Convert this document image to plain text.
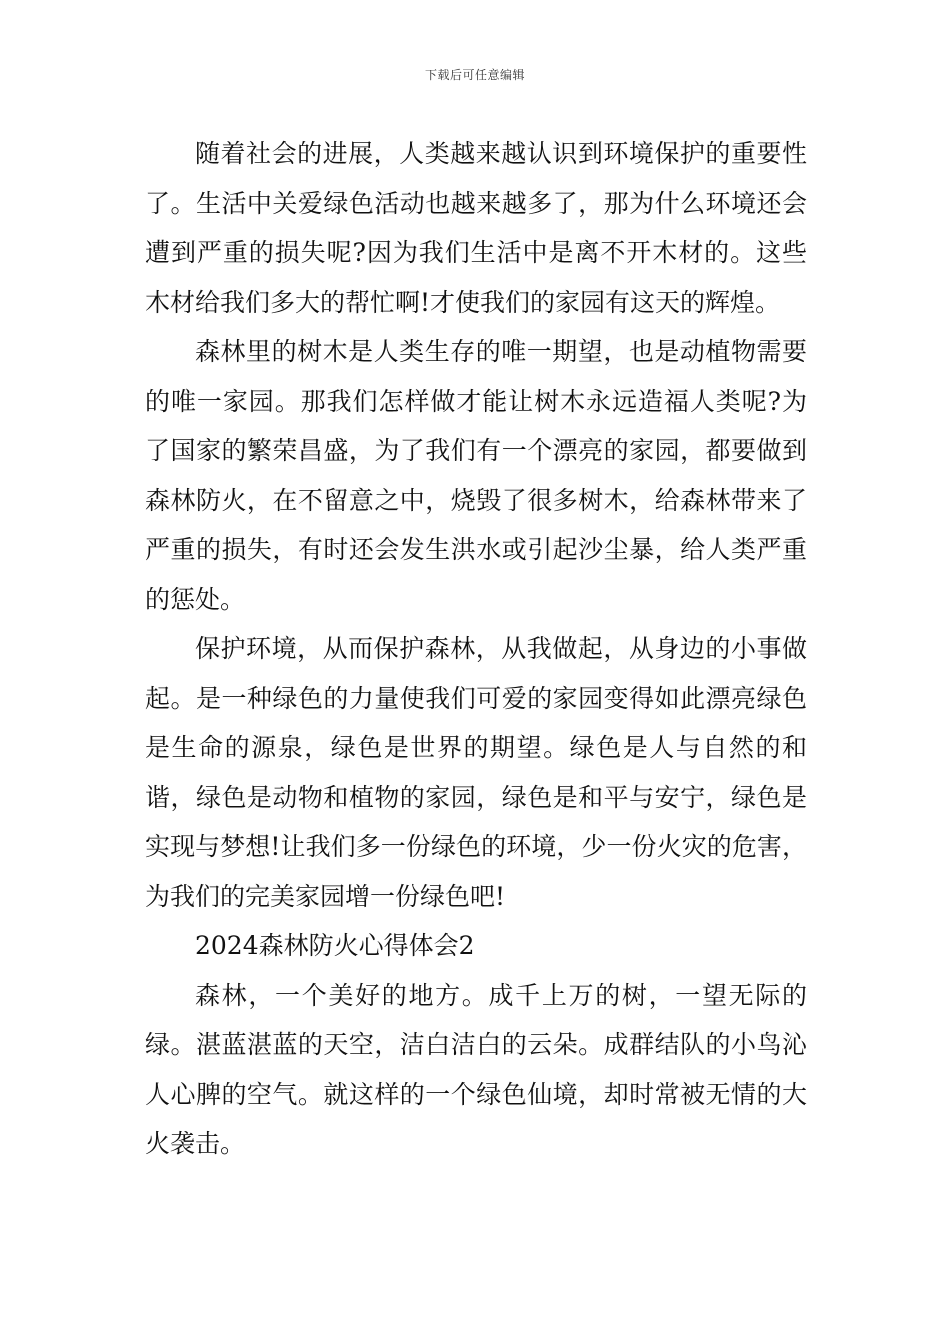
下载后可任意编辑

随着社会的进展，人类越来越认识到环境保护的重要性了。生活中关爱绿色活动也越来越多了，那为什么环境还会遭到严重的损失呢?因为我们生活中是离不开木材的。这些木材给我们多大的帮忙啊!才使我们的家园有这天的辉煌。

森林里的树木是人类生存的唯一期望，也是动植物需要的唯一家园。那我们怎样做才能让树木永远造福人类呢?为了国家的繁荣昌盛，为了我们有一个漂亮的家园，都要做到森林防火，在不留意之中，烧毁了很多树木，给森林带来了严重的损失，有时还会发生洪水或引起沙尘暴，给人类严重的惩处。

保护环境，从而保护森林，从我做起，从身边的小事做起。是一种绿色的力量使我们可爱的家园变得如此漂亮绿色是生命的源泉，绿色是世界的期望。绿色是人与自然的和谐，绿色是动物和植物的家园，绿色是和平与安宁，绿色是实现与梦想!让我们多一份绿色的环境，少一份火灾的危害，为我们的完美家园增一份绿色吧!

2024森林防火心得体会2

森林，一个美好的地方。成千上万的树，一望无际的绿。湛蓝湛蓝的天空，洁白洁白的云朵。成群结队的小鸟沁人心脾的空气。就这样的一个绿色仙境，却时常被无情的大火袭击。
